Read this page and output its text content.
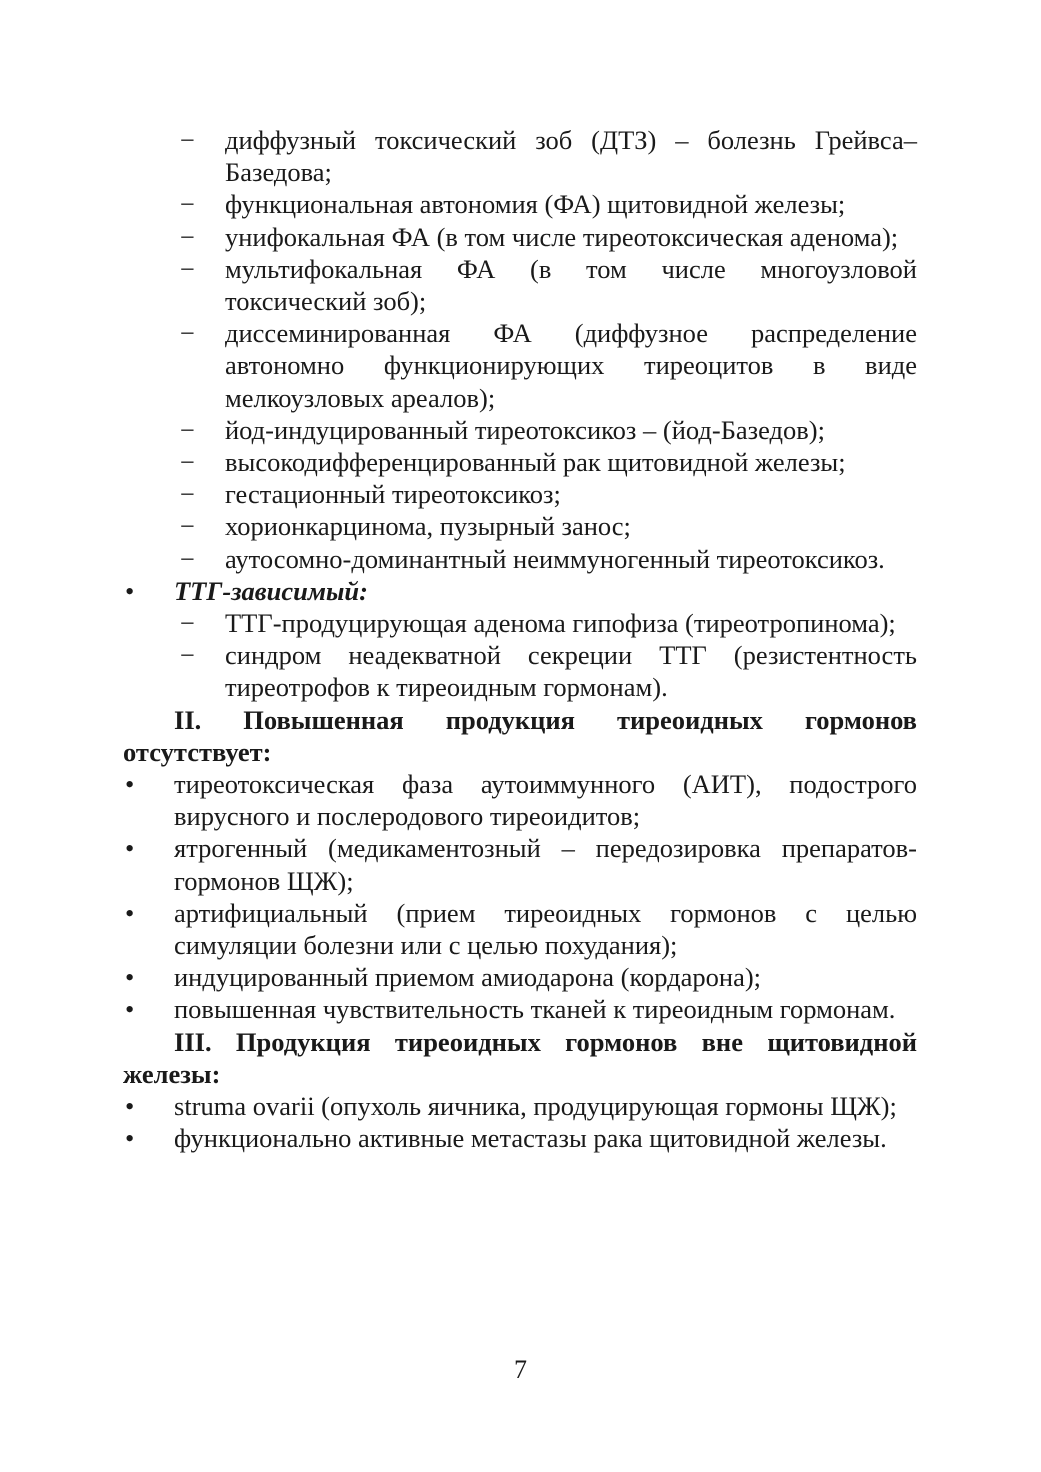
− диффузный токсический зоб (ДТЗ) – болезнь Грейвса–Базедова;
− функциональная автономия (ФА) щитовидной железы;
− унифокальная ФА (в том числе тиреотоксическая аденома);
− мультифокальная ФА (в том числе многоузловой токсический зоб);
− диссеминированная ФА (диффузное распределение автономно функционирующих тиреоцитов в виде мелкоузловых ареалов);
− йод-индуцированный тиреотоксикоз – (йод-Базедов);
− высокодифференцированный рак щитовидной железы;
− гестационный тиреотоксикоз;
− хорионкарцинома, пузырный занос;
− аутосомно-доминантный неиммуногенный тиреотоксикоз.
• ТТГ-зависимый:
− ТТГ-продуцирующая аденома гипофиза (тиреотропинома);
− синдром неадекватной секреции ТТГ (резистентность тиреотрофов к тиреоидным гормонам).
II. Повышенная продукция тиреоидных гормонов отсутствует:
• тиреотоксическая фаза аутоиммунного (АИТ), подострого вирусного и послеродового тиреоидитов;
• ятрогенный (медикаментозный – передозировка препаратов-гормонов ЩЖ);
• артифициальный (прием тиреоидных гормонов с целью симуляции болезни или с целью похудания);
• индуцированный приемом амиодарона (кордарона);
• повышенная чувствительность тканей к тиреоидным гормонам.
III. Продукция тиреоидных гормонов вне щитовидной железы:
• struma ovarii (опухоль яичника, продуцирующая гормоны ЩЖ);
• функционально активные метастазы рака щитовидной железы.
7
